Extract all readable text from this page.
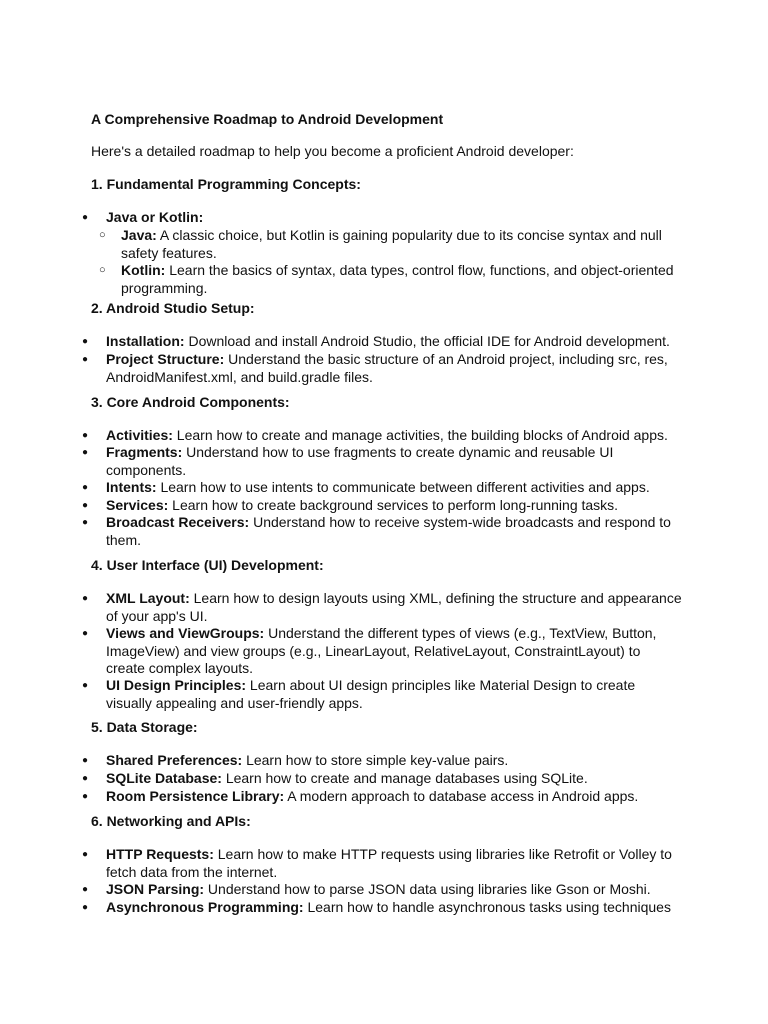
A Comprehensive Roadmap to Android Development
Here's a detailed roadmap to help you become a proficient Android developer:
1. Fundamental Programming Concepts:
● Java or Kotlin:
○ Java: A classic choice, but Kotlin is gaining popularity due to its concise syntax and null safety features.
○ Kotlin: Learn the basics of syntax, data types, control flow, functions, and object-oriented programming.
2. Android Studio Setup:
● Installation: Download and install Android Studio, the official IDE for Android development.
● Project Structure: Understand the basic structure of an Android project, including src, res, AndroidManifest.xml, and build.gradle files.
3. Core Android Components:
● Activities: Learn how to create and manage activities, the building blocks of Android apps.
● Fragments: Understand how to use fragments to create dynamic and reusable UI components.
● Intents: Learn how to use intents to communicate between different activities and apps.
● Services: Learn how to create background services to perform long-running tasks.
● Broadcast Receivers: Understand how to receive system-wide broadcasts and respond to them.
4. User Interface (UI) Development:
● XML Layout: Learn how to design layouts using XML, defining the structure and appearance of your app's UI.
● Views and ViewGroups: Understand the different types of views (e.g., TextView, Button, ImageView) and view groups (e.g., LinearLayout, RelativeLayout, ConstraintLayout) to create complex layouts.
● UI Design Principles: Learn about UI design principles like Material Design to create visually appealing and user-friendly apps.
5. Data Storage:
● Shared Preferences: Learn how to store simple key-value pairs.
● SQLite Database: Learn how to create and manage databases using SQLite.
● Room Persistence Library: A modern approach to database access in Android apps.
6. Networking and APIs:
● HTTP Requests: Learn how to make HTTP requests using libraries like Retrofit or Volley to fetch data from the internet.
● JSON Parsing: Understand how to parse JSON data using libraries like Gson or Moshi.
● Asynchronous Programming: Learn how to handle asynchronous tasks using techniques
